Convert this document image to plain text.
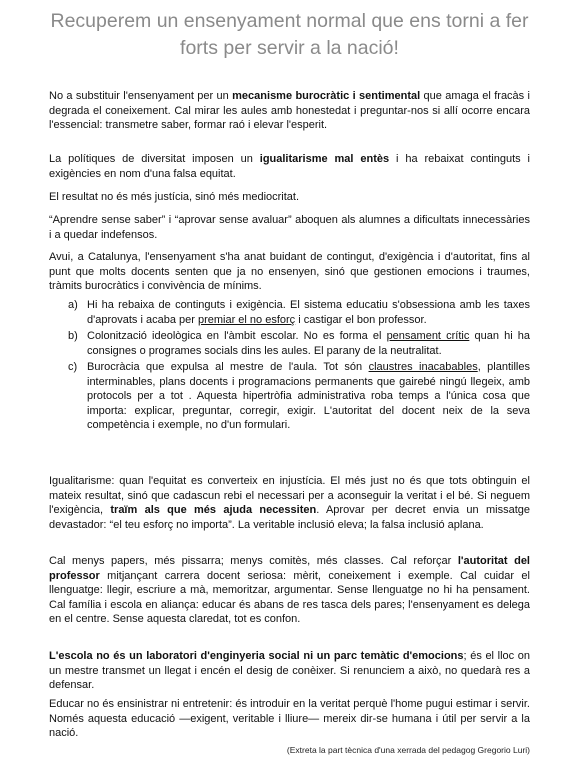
Recuperem un ensenyament normal que ens torni a fer forts per servir a la nació!

No a substituir l'ensenyament per un mecanisme burocràtic i sentimental que amaga el fracàs i degrada el coneixement. Cal mirar les aules amb honestedat i preguntar-nos si allí ocorre encara l'essencial: transmetre saber, formar raó i elevar l'esperit.

La polítiques de diversitat imposen un igualitarisme mal entès i ha rebaixat continguts i exigències en nom d'una falsa equitat.

El resultat no és més justícia, sinó més mediocritat.

“Aprendre sense saber” i “aprovar sense avaluar” aboquen als alumnes a dificultats innecessàries i a quedar indefensos.

Avui, a Catalunya, l'ensenyament s'ha anat buidant de contingut, d'exigència i d'autoritat, fins al punt que molts docents senten que ja no ensenyen, sinó que gestionen emocions i traumes, tràmits burocràtics i convivència de mínims.

a) Hi ha rebaixa de continguts i exigència. El sistema educatiu s'obsessiona amb les taxes d'aprovats i acaba per premiar el no esforç i castigar el bon professor.
b) Colonització ideològica en l'àmbit escolar. No es forma el pensament crític quan hi ha consignes o programes socials dins les aules. El parany de la neutralitat.
c) Burocràcia que expulsa al mestre de l'aula. Tot són claustres inacabables, plantilles interminables, plans docents i programacions permanents que gairebé ningú llegeix, amb protocols per a tot . Aquesta hipertròfia administrativa roba temps a l'única cosa que importa: explicar, preguntar, corregir, exigir. L'autoritat del docent neix de la seva competència i exemple, no d'un formulari.

Igualitarisme: quan l'equitat es converteix en injustícia. El més just no és que tots obtinguin el mateix resultat, sinó que cadascun rebi el necessari per a aconseguir la veritat i el bé. Si neguem l'exigència, traïm als que més ajuda necessiten. Aprovar per decret envia un missatge devastador: “el teu esforç no importa”. La veritable inclusió eleva; la falsa inclusió aplana.

Cal menys papers, més pissarra; menys comitès, més classes. Cal reforçar l'autoritat del professor mitjançant carrera docent seriosa: mèrit, coneixement i exemple. Cal cuidar el llenguatge: llegir, escriure a mà, memoritzar, argumentar. Sense llenguatge no hi ha pensament. Cal família i escola en aliança: educar és abans de res tasca dels pares; l'ensenyament es delega en el centre. Sense aquesta claredat, tot es confon.

L'escola no és un laboratori d'enginyeria social ni un parc temàtic d'emocions; és el lloc on un mestre transmet un llegat i encén el desig de conèixer. Si renunciem a això, no quedarà res a defensar.

Educar no és ensinistrar ni entretenir: és introduir en la veritat perquè l'home pugui estimar i servir. Només aquesta educació —exigent, veritable i lliure— mereix dir-se humana i útil per servir a la nació.

(Extreta la part tècnica d'una xerrada del pedagog Gregorio Luri)
